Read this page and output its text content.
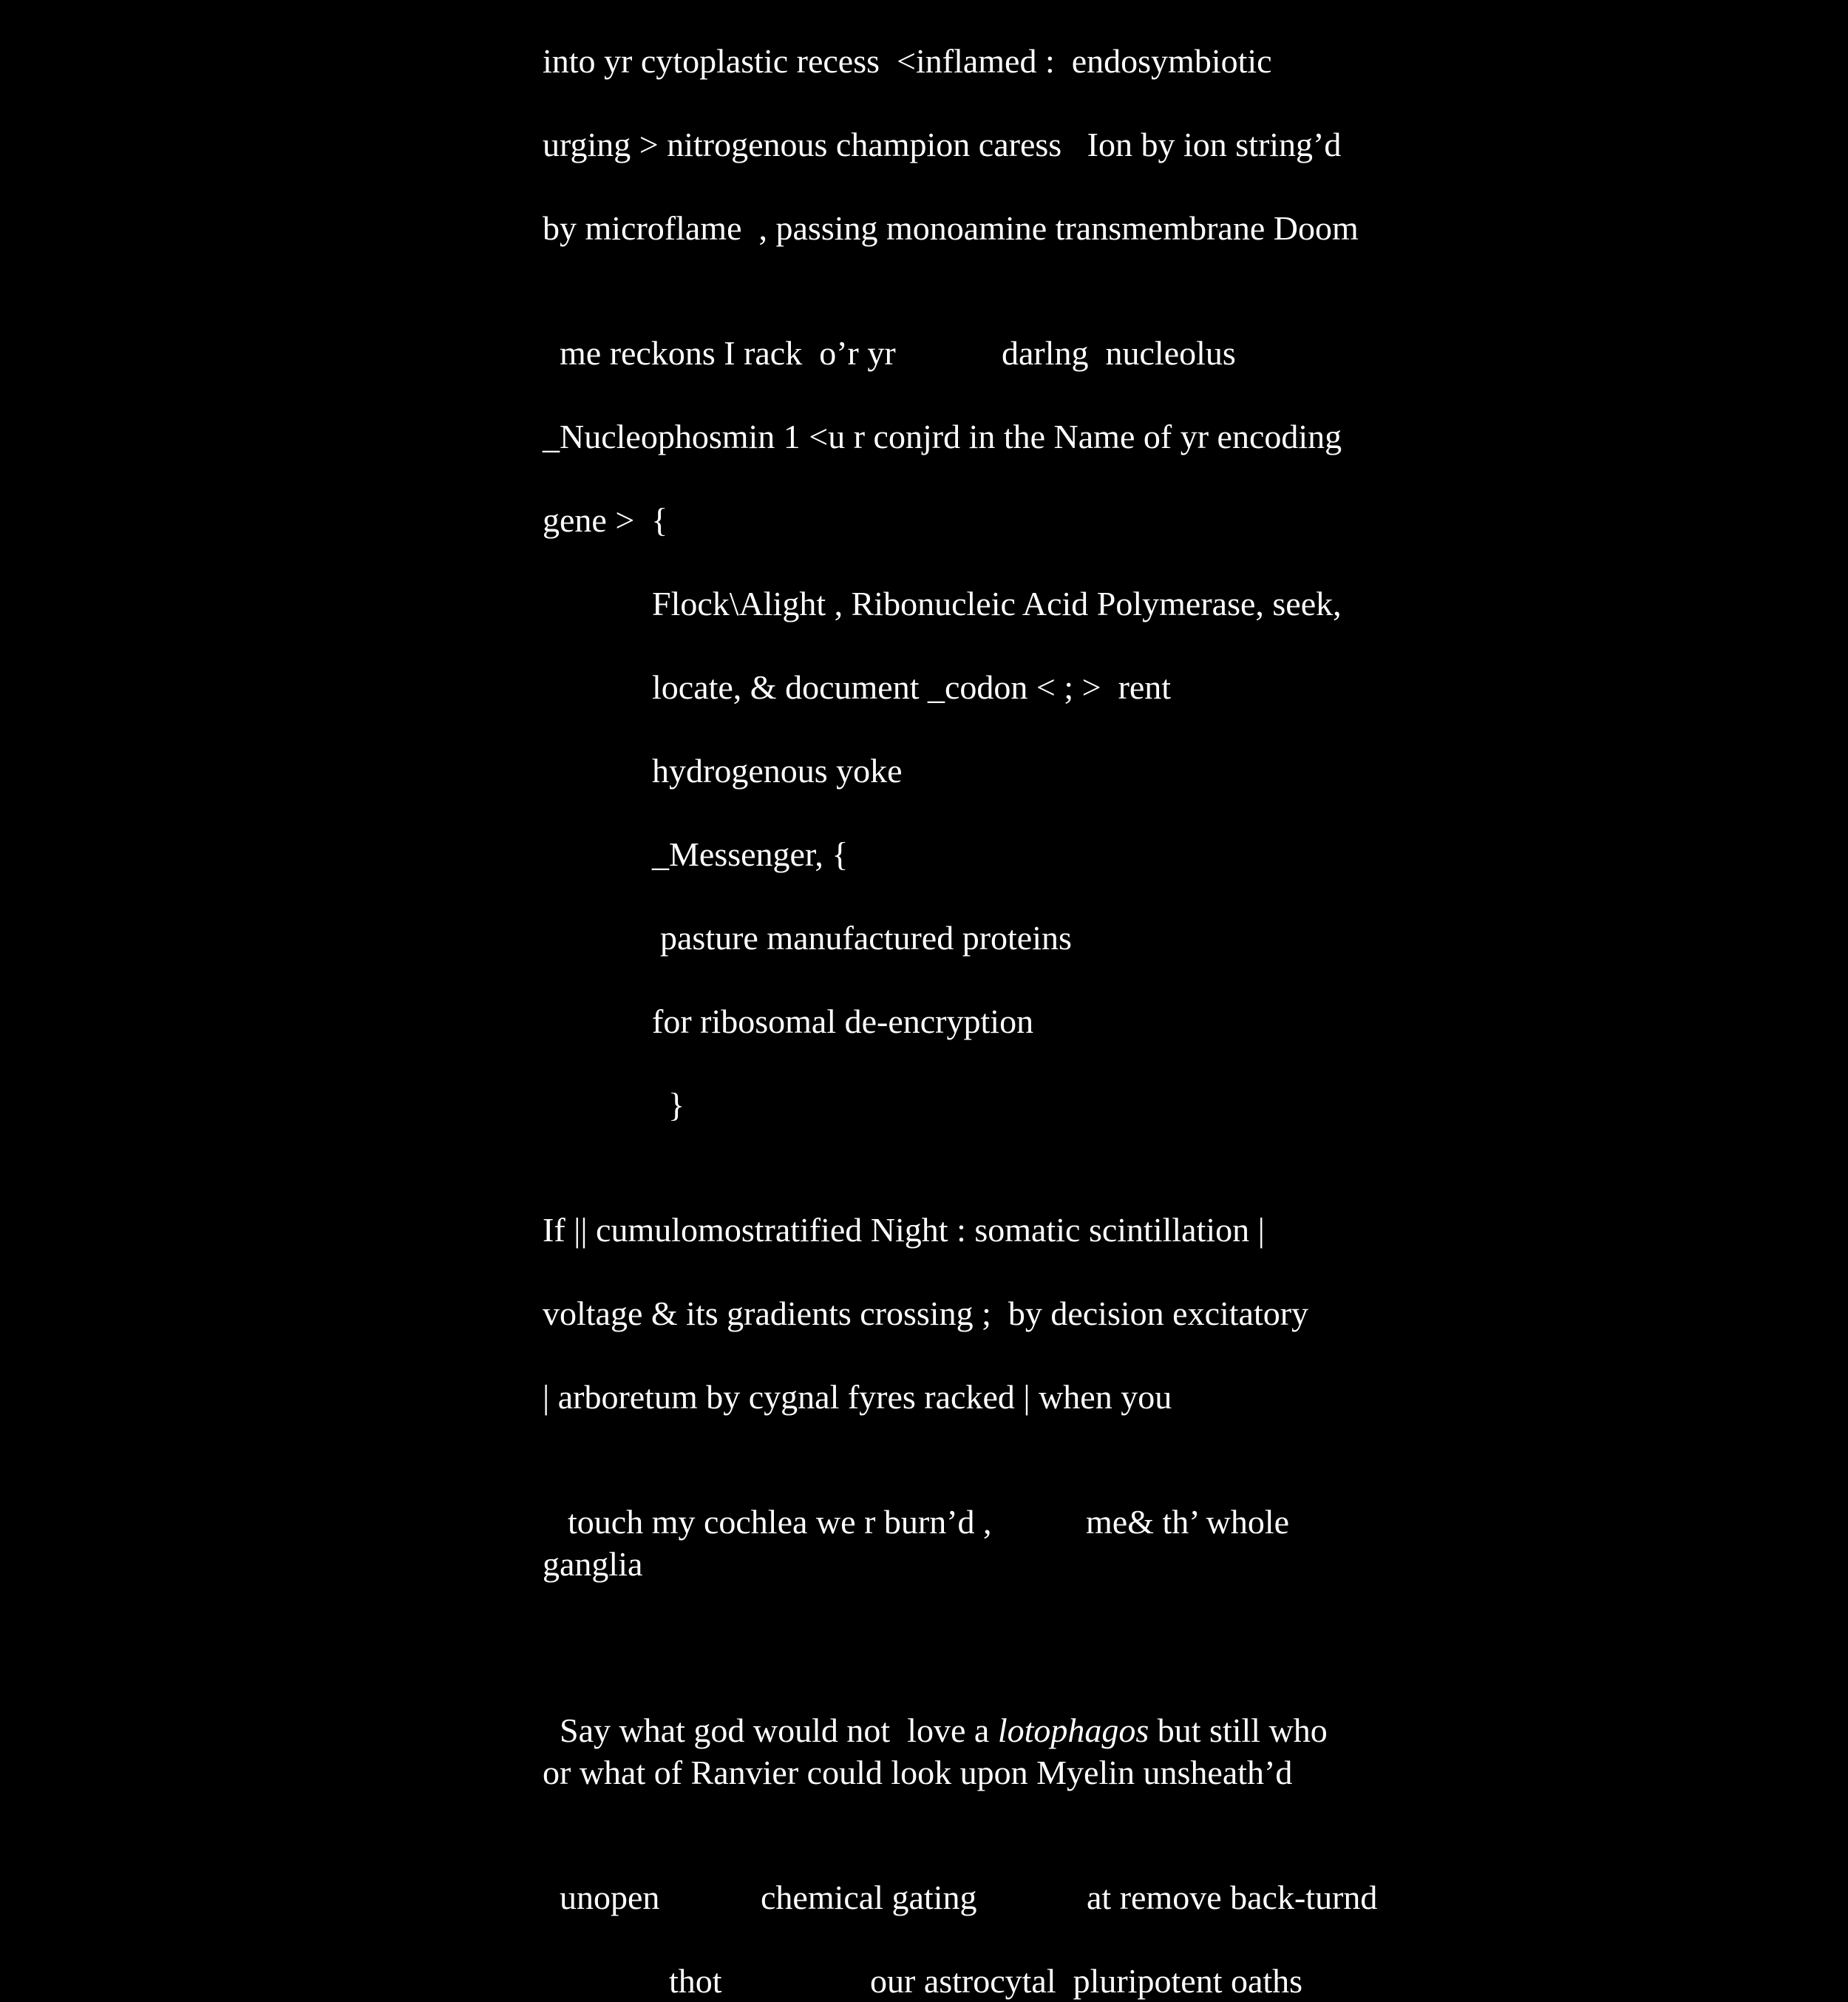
into yr cytoplastic recess  <inflamed :  endosymbiotic

urging > nitrogenous champion caress   Ion by ion string’d

by microflame  , passing monoamine transmembrane Doom

me reckons I rack  o’r yr	darlng  nucleolus

_Nucleophosmin 1 <u r conjrd in the Name of yr encoding

gene >  {

Flock\Alight , Ribonucleic Acid Polymerase, seek,

locate, & document _codon < ; >  rent

hydrogenous yoke

_Messenger, {

pasture manufactured proteins

for ribosomal de-encryption

}

If || cumulomostratified Night : somatic scintillation |

voltage & its gradients crossing ;  by decision excitatory

| arboretum by cygnal fyres racked | when you

touch my cochlea we r burn’d ,	me& th’ whole

ganglia

Say what god would not  love a lotophagos but still who

or what of Ranvier could look upon Myelin unsheath’d

unopen	chemical gating	at remove back-turnd

thot	our astrocytal  pluripotent oaths
